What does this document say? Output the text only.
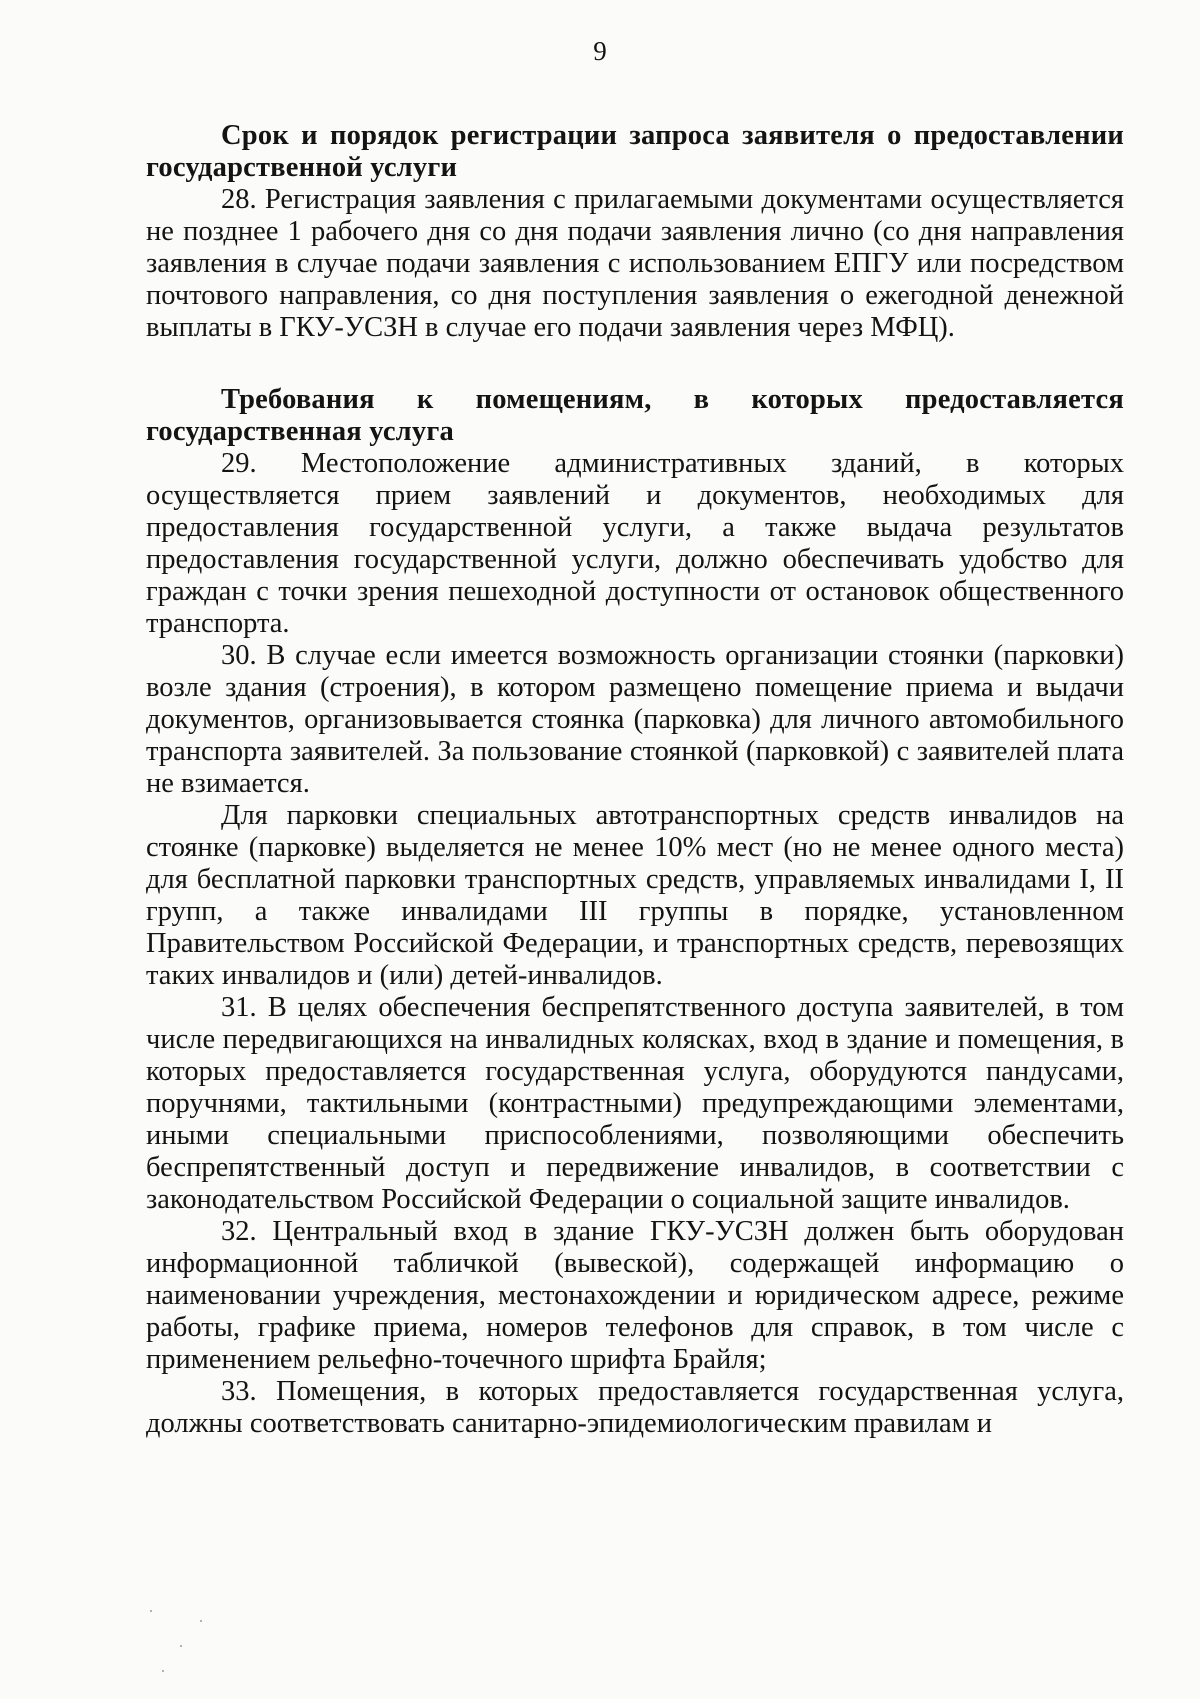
9

Срок и порядок регистрации запроса заявителя о предоставлении государственной услуги

28. Регистрация заявления с прилагаемыми документами осуществляется не позднее 1 рабочего дня со дня подачи заявления лично (со дня направления заявления в случае подачи заявления с использованием ЕПГУ или посредством почтового направления, со дня поступления заявления о ежегодной денежной выплаты в ГКУ-УСЗН в случае его подачи заявления через МФЦ).

Требования к помещениям, в которых предоставляется государственная услуга

29. Местоположение административных зданий, в которых осуществляется прием заявлений и документов, необходимых для предоставления государственной услуги, а также выдача результатов предоставления государственной услуги, должно обеспечивать удобство для граждан с точки зрения пешеходной доступности от остановок общественного транспорта.

30. В случае если имеется возможность организации стоянки (парковки) возле здания (строения), в котором размещено помещение приема и выдачи документов, организовывается стоянка (парковка) для личного автомобильного транспорта заявителей. За пользование стоянкой (парковкой) с заявителей плата не взимается.

Для парковки специальных автотранспортных средств инвалидов на стоянке (парковке) выделяется не менее 10% мест (но не менее одного места) для бесплатной парковки транспортных средств, управляемых инвалидами I, II групп, а также инвалидами III группы в порядке, установленном Правительством Российской Федерации, и транспортных средств, перевозящих таких инвалидов и (или) детей-инвалидов.

31. В целях обеспечения беспрепятственного доступа заявителей, в том числе передвигающихся на инвалидных колясках, вход в здание и помещения, в которых предоставляется государственная услуга, оборудуются пандусами, поручнями, тактильными (контрастными) предупреждающими элементами, иными специальными приспособлениями, позволяющими обеспечить беспрепятственный доступ и передвижение инвалидов, в соответствии с законодательством Российской Федерации о социальной защите инвалидов.

32. Центральный вход в здание ГКУ-УСЗН должен быть оборудован информационной табличкой (вывеской), содержащей информацию о наименовании учреждения, местонахождении и юридическом адресе, режиме работы, графике приема, номеров телефонов для справок, в том числе с применением рельефно-точечного шрифта Брайля;

33. Помещения, в которых предоставляется государственная услуга, должны соответствовать санитарно-эпидемиологическим правилам и
